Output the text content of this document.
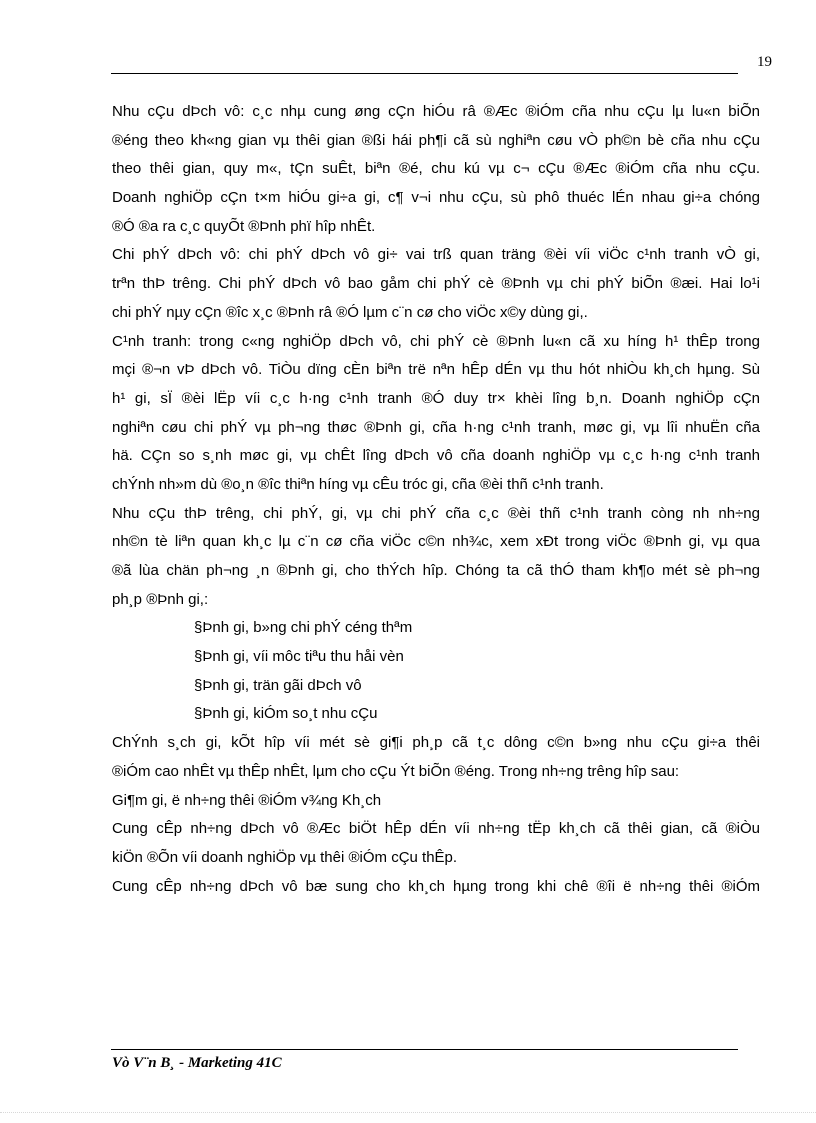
19
Nhu cÇu dÞch vô: c¸c nhµ cung øng cÇn hiÓu râ ®Æc ®iÓm cña nhu cÇu lµ lu«n biÕn
®éng theo kh«ng gian vµ thêi gian ®ßi hái ph¶i cã sù nghiªn cøu vÒ ph©n bè cña nhu cÇu
theo thêi gian, quy m«, tÇn suÊt, biªn ®é, chu kú vµ c¬ cÇu ®Æc ®iÓm cña nhu cÇu.
Doanh nghiÖp cÇn t×m hiÓu gi÷a gi, c¶ v¬i nhu cÇu, sù phô thuéc lÉn nhau gi÷a chóng
®Ó ®a ra c¸c quyÕt ®Þnh phï hîp nhÊt.
Chi phÝ dÞch vô: chi phÝ dÞch vô gi÷ vai trß quan träng ®èi víi viÖc c¹nh tranh vÒ gi,
trªn thÞ trêng. Chi phÝ dÞch vô bao gåm chi phÝ cè ®Þnh vµ chi phÝ biÕn ®æi. Hai lo¹i
chi phÝ nµy cÇn ®îc x¸c ®Þnh râ ®Ó lµm c¨n cø cho viÖc x©y dùng gi,.
C¹nh tranh: trong c«ng nghiÖp dÞch vô, chi phÝ cè ®Þnh lu«n cã xu híng h¹ thÊp trong
mçi ®¬n vÞ dÞch vô. TiÒu dïng cÈn biªn trë nªn hÊp dÉn vµ thu hót nhiÒu kh¸ch hµng. Sù
h¹ gi, sÏ ®èi lËp víi c¸c h·ng c¹nh tranh ®Ó duy tr× khèi lîng b¸n. Doanh nghiÖp cÇn
nghiªn cøu chi phÝ vµ ph¬ng thøc ®Þnh gi, cña h·ng c¹nh tranh, møc gi, vµ lîi nhuËn cña
hä. CÇn so s¸nh møc gi, vµ chÊt lîng dÞch vô cña doanh nghiÖp vµ c¸c h·ng c¹nh tranh
chÝnh nh»m dù ®o¸n ®îc thiªn híng vµ cÊu tróc gi, cña ®èi thñ c¹nh tranh.
Nhu cÇu thÞ trêng, chi phÝ, gi, vµ chi phÝ cña c¸c ®èi thñ c¹nh tranh còng nh nh÷ng
nh©n tè liªn quan kh¸c lµ c¨n cø cña viÖc c©n nh¾c, xem xÐt trong viÖc ®Þnh gi, vµ qua
®ã lùa chän ph¬ng ¸n ®Þnh gi, cho thÝch hîp. Chóng ta cã thÓ tham kh¶o mét sè ph¬ng
ph¸p ®Þnh gi,:
§Þnh gi, b»ng chi phÝ céng thªm
§Þnh gi, víi môc tiªu thu håi vèn
§Þnh gi, trän gãi dÞch vô
§Þnh gi, kiÓm so¸t nhu cÇu
ChÝnh s¸ch gi, kÕt hîp víi mét sè gi¶i ph¸p cã t¸c dông c©n b»ng nhu cÇu gi÷a thêi
®iÓm cao nhÊt vµ thÊp nhÊt, lµm cho cÇu Ýt biÕn ®éng. Trong nh÷ng trêng hîp sau:
Gi¶m gi, ë nh÷ng thêi ®iÓm v¾ng Kh¸ch
Cung cÊp nh÷ng dÞch vô ®Æc biÖt hÊp dÉn víi nh÷ng tËp kh¸ch cã thêi gian, cã ®iÒu
kiÖn ®Õn víi doanh nghiÖp vµ thêi ®iÓm cÇu thÊp.
Cung cÊp nh÷ng dÞch vô bæ sung cho kh¸ch hµng trong khi chê ®îi ë nh÷ng thêi ®iÓm
Vò V¨n B¸ - Marketing 41C
